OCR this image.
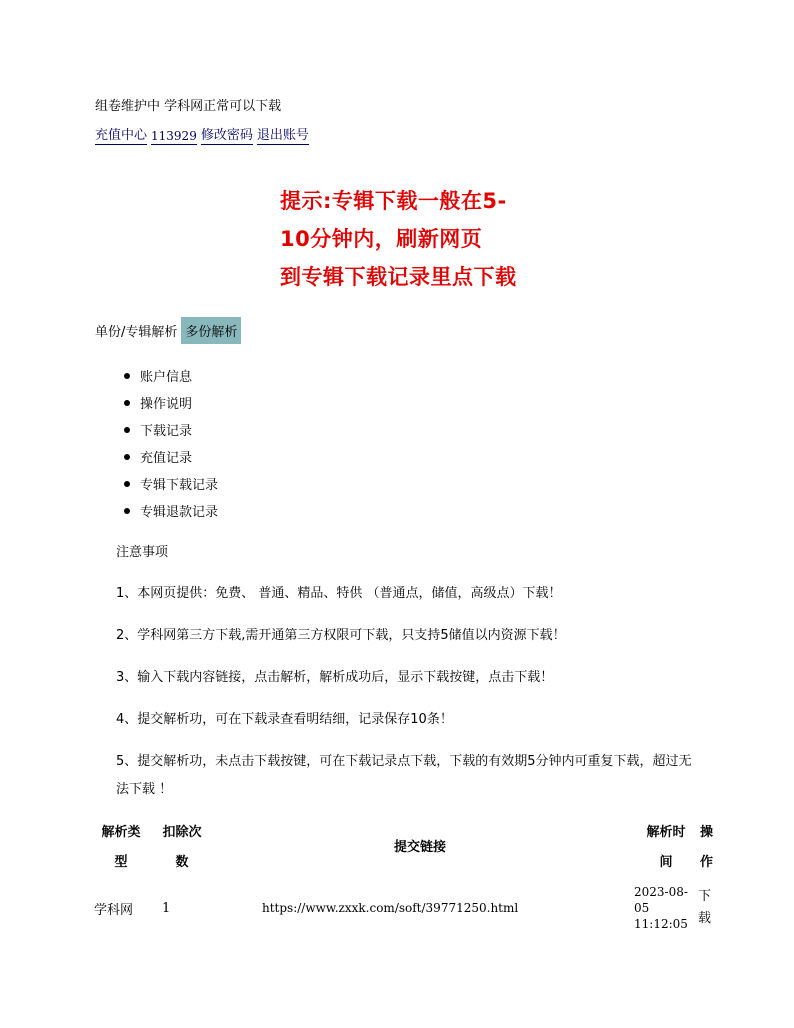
组卷维护中 学科网正常可以下载
充值中心 113929 修改密码 退出账号
提示:专辑下载一般在5-
10分钟内，刷新网页
到专辑下载记录里点下载
单份/专辑解析 多份解析
账户信息
操作说明
下载记录
充值记录
专辑下载记录
专辑退款记录
注意事项
1、本网页提供：免费、 普通、精品、特供 （普通点，储值，高级点）下载！
2、学科网第三方下载,需开通第三方权限可下载，只支持5储值以内资源下载！
3、输入下载内容链接，点击解析，解析成功后，显示下载按键，点击下载！
4、提交解析功，可在下载录查看明结细，记录保存10条！
5、提交解析功，未点击下载按键，可在下载记录点下载，下载的有效期5分钟内可重复下载，超过无法下载 ！
解析类型	扣除次数	提交链接	解析时间	操作

学科网	1	https://www.zxxk.com/soft/39771250.html	2023-08-05 11:12:05	下载
